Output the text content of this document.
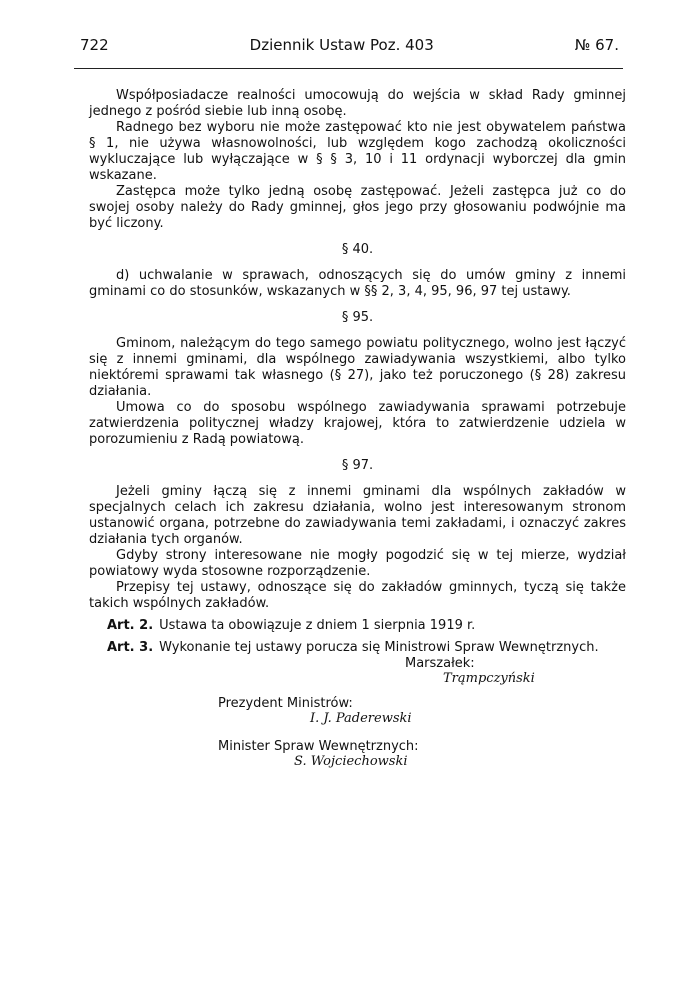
722	Dziennik Ustaw Poz. 403	№ 67.

Współposiadacze realności umocowują do wejścia w skład Rady gminnej jednego z pośród siebie lub inną osobę.

Radnego bez wyboru nie może zastępować kto nie jest obywatelem państwa § 1, nie używa własnowolności, lub względem kogo zachodzą okoliczności wykluczające lub wyłączające w § § 3, 10 i 11 ordynacji wyborczej dla gmin wskazane.

Zastępca może tylko jedną osobę zastępować. Jeżeli zastępca już co do swojej osoby należy do Rady gminnej, głos jego przy głosowaniu podwójnie ma być liczony.

§ 40.

d) uchwalanie w sprawach, odnoszących się do umów gminy z innemi gminami co do stosunków, wskazanych w §§ 2, 3, 4, 95, 96, 97 tej ustawy.

§ 95.

Gminom, należącym do tego samego powiatu politycznego, wolno jest łączyć się z innemi gminami, dla wspólnego zawiadywania wszystkiemi, albo tylko niektóremi sprawami tak własnego (§ 27), jako też poruczonego (§ 28) zakresu działania.

Umowa co do sposobu wspólnego zawiadywania sprawami potrzebuje zatwierdzenia politycznej władzy krajowej, która to zatwierdzenie udziela w porozumieniu z Radą powiatową.

§ 97.

Jeżeli gminy łączą się z innemi gminami dla wspólnych zakładów w specjalnych celach ich zakresu działania, wolno jest interesowanym stronom ustanowić organa, potrzebne do zawiadywania temi zakładami, i oznaczyć zakres działania tych organów.

Gdyby strony interesowane nie mogły pogodzić się w tej mierze, wydział powiatowy wyda stosowne rozporządzenie.

Przepisy tej ustawy, odnoszące się do zakładów gminnych, tyczą się także takich wspólnych zakładów.

Art. 2. Ustawa ta obowiązuje z dniem 1 sierpnia 1919 r.

Art. 3. Wykonanie tej ustawy porucza się Ministrowi Spraw Wewnętrznych.

Marszałek:
Trąmpczyński
Prezydent Ministrów:
I. J. Paderewski
Minister Spraw Wewnętrznych:
S. Wojciechowski
